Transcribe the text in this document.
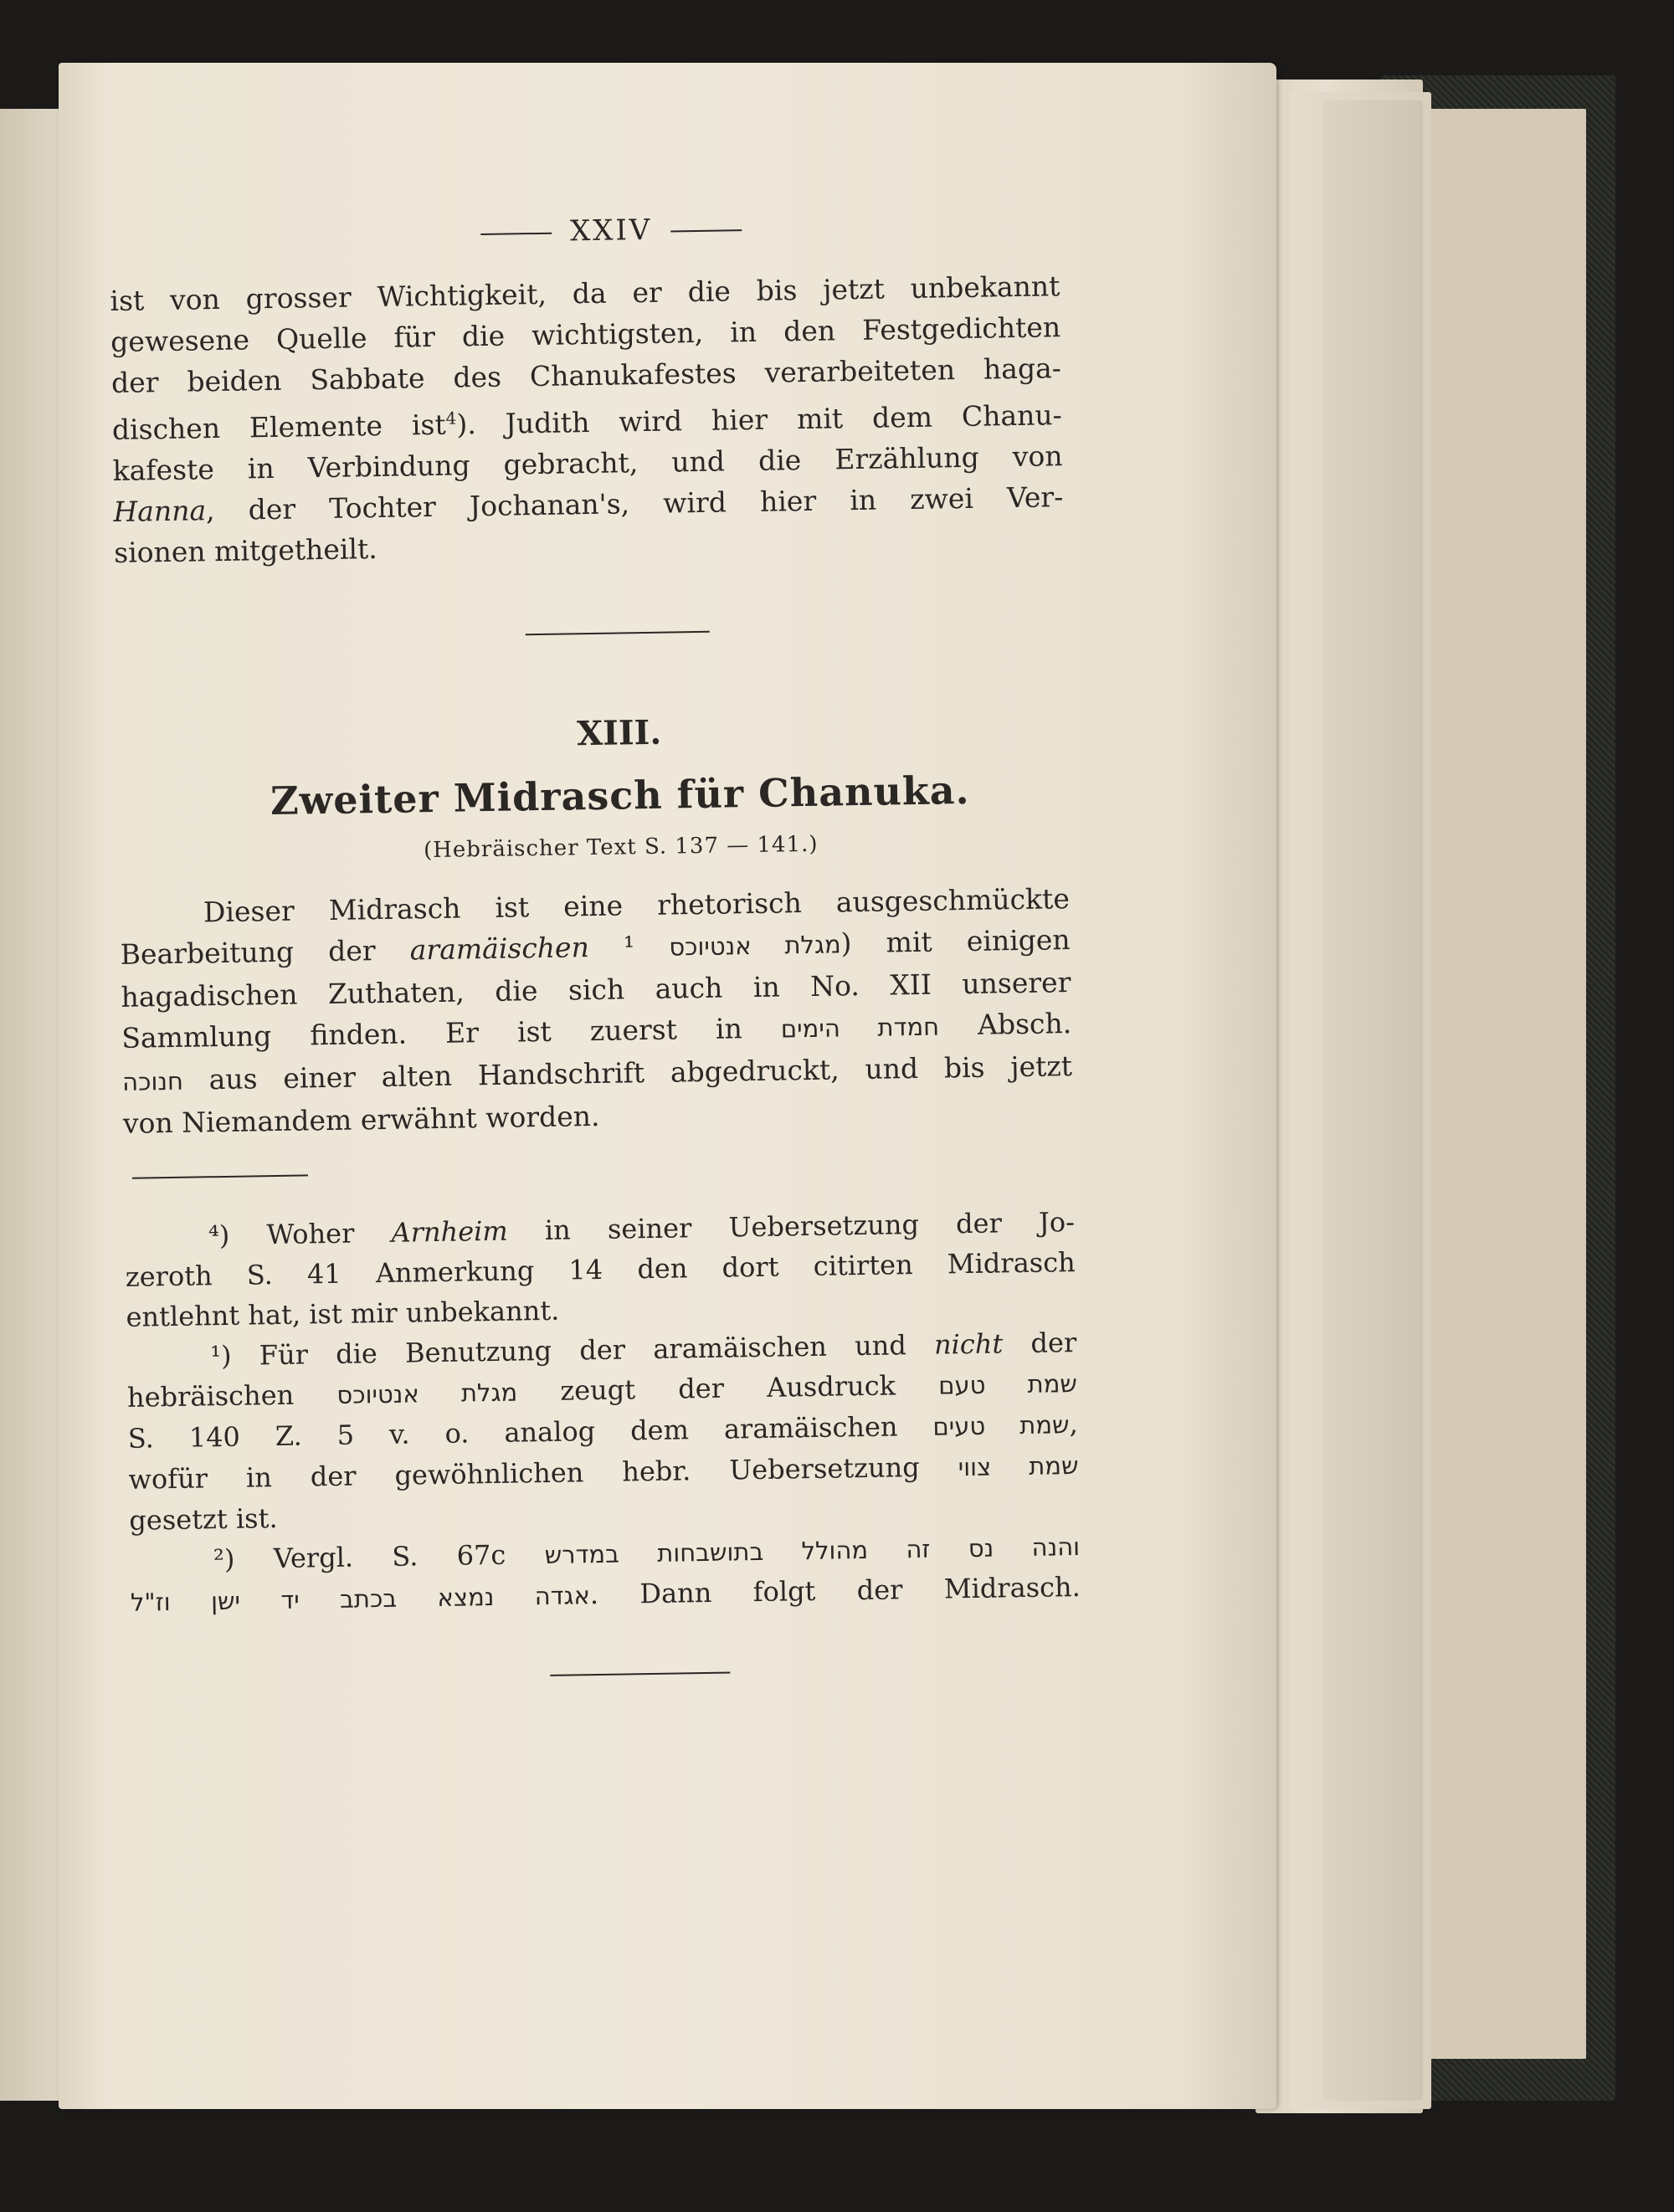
XXIV
ist von grosser Wichtigkeit, da er die bis jetzt unbekannt
gewesene Quelle für die wichtigsten, in den Festgedichten
der beiden Sabbate des Chanukafestes verarbeiteten haga-
dischen Elemente ist$^4$). Judith wird hier mit dem Chanu-
kafeste in Verbindung gebracht, und die Erzählung von
Hanna, der Tochter Jochanan's, wird hier in zwei Ver-
sionen mitgetheilt.
XIII.
Zweiter Midrasch für Chanuka.
(Hebräischer Text S. 137 — 141.)
Dieser Midrasch ist eine rhetorisch ausgeschmückte
Bearbeitung der aramäischen	מגלת אנטיוכס ¹) mit einigen
hagadischen Zuthaten, die sich auch in No. XII unserer
Sammlung finden. Er ist zuerst in חמדת הימים Absch.
חנוכה aus einer alten Handschrift abgedruckt, und bis jetzt
von Niemandem erwähnt worden.
⁴) Woher Arnheim in seiner Uebersetzung der Jo-
zeroth S. 41 Anmerkung 14 den dort citirten Midrasch
entlehnt hat, ist mir unbekannt.
¹) Für die Benutzung der aramäischen und nicht der
hebräischen מגלת אנטיוכס zeugt der Ausdruck שמת טעם
S. 140 Z. 5 v. o. analog dem aramäischen שמת טעים,
wofür in der gewöhnlichen hebr. Uebersetzung שמת צווי
gesetzt ist.
²) Vergl. S. 67c והנה נס זה מהולל בתושבחות במדרש
אגדה נמצא בכתב יד ישן וז"ל. Dann folgt der Midrasch.
